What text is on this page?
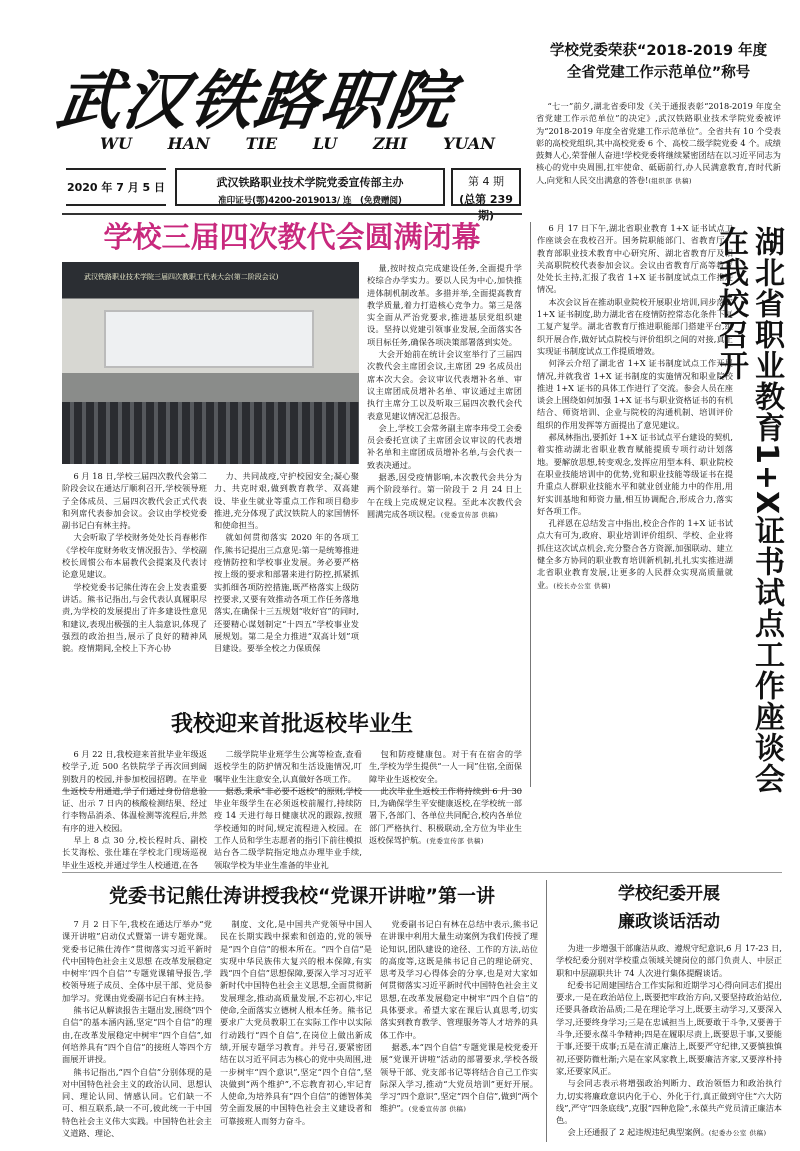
武汉铁路职院
WU HAN TIE LU ZHI YUAN
2020 年 7 月 5 日	武汉铁路职业技术学院党委宣传部主办
准印证号(鄂)4200-2019013/ 连　(免费赠阅)
第 4 期
(总第 239 期)
学校党委荣获“2018-2019 年度
全省党建工作示范单位”称号

“七一”前夕,湖北省委印发《关于通报表彰“2018-2019 年度全省党建工作示范单位”的决定》,武汉铁路职业技术学院党委被评为“2018-2019 年度全省党建工作示范单位”。全省共有 10 个受表彰的高校党组织,其中高校党委 6 个、高校二级学院党委 4 个。成绩鼓舞人心,荣誉催人奋进!学校党委将继续紧密团结在以习近平同志为核心的党中央周围,扛牢使命、砥砺前行,办人民满意教育,育时代新人,向党和人民交出满意的答卷!(组织部 供稿)

学校三届四次教代会圆满闭幕
武汉铁路职业技术学院三届四次教职工代表大会(第二阶段会议)

6 月 18 日,学校三届四次教代会第二阶段会议在通达厅顺利召开,学校领导班子全体成员、三届四次教代会正式代表和列席代表参加会议。会议由学校党委副书记白有林主持。

大会听取了学校财务处处长肖春彬作《学校年度财务收支情况报告》、学校副校长周惯公布本届教代会提案及代表讨论意见建议。

学校党委书记熊仕涛在会上发表重要讲话。熊书记指出,与会代表认真履职尽责,为学校的发展提出了许多建设性意见和建议,表现出极强的主人翁意识,体现了强烈的政治担当,展示了良好的精神风貌。疫情期间,全校上下齐心协

力、共同战疫,守护校园安全;凝心聚力、共克时艰,做到教育教学、双高建设、毕业生就业等重点工作和项目稳步推进,充分体现了武汉铁院人的家国情怀和使命担当。

就如何贯彻落实 2020 年的各项工作,熊书记提出三点意见:第一是统筹推进疫情防控和学校事业发展。务必要严格按上级的要求和部署来进行防控,抓紧抓实抓细各项防控措施,既严格落实上级防控要求,又要有效推动各项工作任务落地落实,在确保十三五规划“收好官”的同时,还要精心谋划制定“十四五”学校事业发展规划。第二是全力推进“双高计划”项目建设。要举全校之力保质保

量,按时按点完成建设任务,全面提升学校综合办学实力。要以人民为中心,加快推进体制机制改革。多措并举,全面提高教育教学质量,着力打造核心竞争力。第三是落实全面从严治党要求,推进基层党组织建设。坚持以党建引领事业发展,全面落实各项目标任务,确保各项决策部署落到实处。

大会开始前在统计会议室举行了三届四次教代会主席团会议,主席团 29 名成员出席本次大会。会议审议代表增补名单、审议主席团成员增补名单、审议通过主席团执行主席分工以及听取三届四次教代会代表意见建议情况汇总报告。

会上,学校工会常务副主席李玮受工会委员会委托宣读了主席团会议审议的代表增补名单和主席团成员增补名单,与会代表一致表决通过。

据悉,因受疫情影响,本次教代会共分为两个阶段举行。第一阶段于 2 月 24 日上午在线上完成规定议程。至此本次教代会圆满完成各项议程。(党委宣传部 供稿)

我校迎来首批返校毕业生

6 月 22 日,我校迎来首批毕业年级返校学子,近 500 名铁院学子再次回到阔别数月的校园,并参加校园招聘。在毕业生返校专用通道,学子们通过身份信息验证、出示 7 日内的核酸检测结果、经过行李物品消杀、体温检测等流程后,井然有序的进入校园。

早上 8 点 30 分,校长程时兵、副校长艾海松、张仕雄在学校北门现场巡视毕业生返校,并通过学生人校通道,在各

二级学院毕业班学生公寓等检查,查看返校学生的防护情况和生活设施情况,叮嘱毕业生注意安全,认真做好各项工作。

据悉,秉承“非必要不返校”的原则,学校毕业年级学生在必须返校前履行,持续防疫 14 天进行每日健康状况的跟踪,按照学校通知的时间,规定流程进入校园。在工作人员和学生志愿者的指引下前往模拟站台各二级学院指定地点办理毕业手续,领取学校为毕业生准备的毕业礼

包和防疫健康包。对于有在宿舍的学生,学校为学生提供“一人一间”住宿,全面保障毕业生返校安全。

此次毕业生返校工作将持续到 6 月 30 日,为确保学生平安健康返校,在学校统一部署下,各部门、各单位共同配合,校内各单位部门严格执行、积极联动,全方位为毕业生返校保驾护航。(党委宣传部 供稿)

党委书记熊仕涛讲授我校“党课开讲啦”第一讲

7 月 2 日下午,我校在通达厅举办“党课开讲啦”启动仪式暨第一讲专题党课。党委书记熊仕涛作“贯彻落实习近平新时代中国特色社会主义思想 在改革发展稳定中树牢‘四个自信’”专题党课辅导报告,学校领导班子成员、全体中层干部、党员参加学习。党课由党委副书记白有林主持。

熊书记从解读报告主题出发,围绕“四个自信”的基本涵内涵,坚定“四个自信”的理由,在改革发展稳定中树牢“四个自信”,如何培养具有“四个自信”的接班人等四个方面展开讲授。

熊书记指出,“四个自信”分别体现的是对中国特色社会主义的政治认同、思想认同、理论认同、情感认同。它们缺一不可、相互联系,缺一不可,彼此统一于中国特色社会主义伟大实践。中国特色社会主义道路、理论、

制度、文化,是中国共产党领导中国人民在长期实践中探索和创造的,党的领导是“四个自信”的根本所在。“四个自信”是实现中华民族伟大复兴的根本保障,有实践“四个自信”思想保障,要深入学习习近平新时代中国特色社会主义思想,全面贯彻新发展理念,推动高质量发展,不忘初心,牢记使命,全面落实立德树人根本任务。熊书记要求广大党员教职工在实际工作中以实际行动践行“四个自信”,在岗位上做出新成绩,开展专题学习教育。并号召,要紧密团结在以习近平同志为核心的党中央周围,进一步树牢“四个意识”,坚定“四个自信”,坚决做到“两个维护”,不忘教育初心,牢记育人使命,为培养具有“四个自信”的德智体美劳全面发展的中国特色社会主义建设者和可靠接班人而努力奋斗。

党委副书记白有林在总结中表示,熊书记在讲课中利用大量生动案例为我们传授了理论知识,团队建设的途径、工作的方法,站位的高度等,这既是熊书记自己的理论研究、思考及学习心得体会的分享,也是对大家如何贯彻落实习近平新时代中国特色社会主义思想,在改革发展稳定中树牢“四个自信”的具体要求。希望大家在课后认真思考,切实落实到教育教学、管理服务等人才培养的具体工作中。

据悉,本“四个自信”专题党课是校党委开展“党课开讲啦”活动的部署要求,学校各级领导干部、党支部书记等将结合自己工作实际深入学习,推动“大党员培训”更好开展。学习“四个意识”,坚定“四个自信”,做到“两个维护”。(党委宣传部 供稿)

6 月 17 日下午,湖北省职业教育 1+X 证书试点工作座谈会在我校召开。国务院职能部门、省教育厅、教育部职业技术教育中心研究所、湖北省教育厅及相关高职院校代表参加会议。会议由省教育厅高等教育处处长主持,汇报了我省 1+X 证书制度试点工作推进情况。

本次会议旨在推动职业院校开展职业培训,同步落实 1+X 证书制度,助力湖北省在疫情防控常态化条件下复工复产复学。湖北省教育厅推进职能部门搭建平台,组织开展合作,做好试点院校与评价组织之间的对接,真正实现证书制度试点工作提质增效。

何泽云介绍了湖北省 1+X 证书制度试点工作开展情况,并就我省 1+X 证书制度的实施情况和职业院校推进 1+X 证书的具体工作进行了交流。参会人员在座谈会上围绕如何加强 1+X 证书与职业资格证书的有机结合、师资培训、企业与院校的沟通机制、培训评价组织的作用发挥等方面提出了意见建议。

郝凤林指出,要抓好 1+X 证书试点平台建设的契机,着实推动湖北省职业教育赋能提质专项行动计划落地。要解放思想,转变观念,发挥应用型本科、职业院校在职业技能培训中的优势,党和职业技能等级证书在提升重点人群职业技能水平和就业创业能力中的作用,用好实训基地和师资力量,相互协调配合,形成合力,落实好各项工作。

孔祥恩在总结发言中指出,校企合作的 1+X 证书试点大有可为,政府、职业培训评价组织、学校、企业将抓住这次试点机会,充分整合各方资源,加强联动、建立健全多方协同的职业教育培训新机制,扎扎实实推进湖北省职业教育发展,让更多的人民群众实现高质量就业。(校长办公室 供稿)	湖北省职业教育1+X证书试点工作座谈会在我校召开
学校纪委开展
廉政谈话活动

为进一步增强干部廉洁从政、遵规守纪意识,6 月 17-23 日,学校纪委分别对学校重点领域关键岗位的部门负责人、中层正职和中层副职共计 74 人次进行集体提醒谈话。

纪委书记周建国结合工作实际和近期学习心得向同志们提出要求,一是在政治站位上,既要把牢政治方向,又要坚持政治站位,还要具备政治品质;二是在理论学习上,既要主动学习,又要深入学习,还要终身学习;三是在忠诚担当上,既要敢于斗争,又要善于斗争,还要永葆斗争精神;四是在履职尽责上,既要思于事,又要能于事,还要干成事;五是在清正廉洁上,既要严守纪律,又要慎独慎初,还要防微杜渐;六是在家风家教上,既要廉洁齐家,又要淳朴持家,还要家风正。

与会同志表示将增强政治判断力、政治领悟力和政治执行力,切实将廉政意识内化于心、外化于行,真正做到守住“六大防线”,严守“四条底线”,克服“四种危险”,永葆共产党员清正廉洁本色。

会上还通报了 2 起违规违纪典型案例。(纪委办公室 供稿)
